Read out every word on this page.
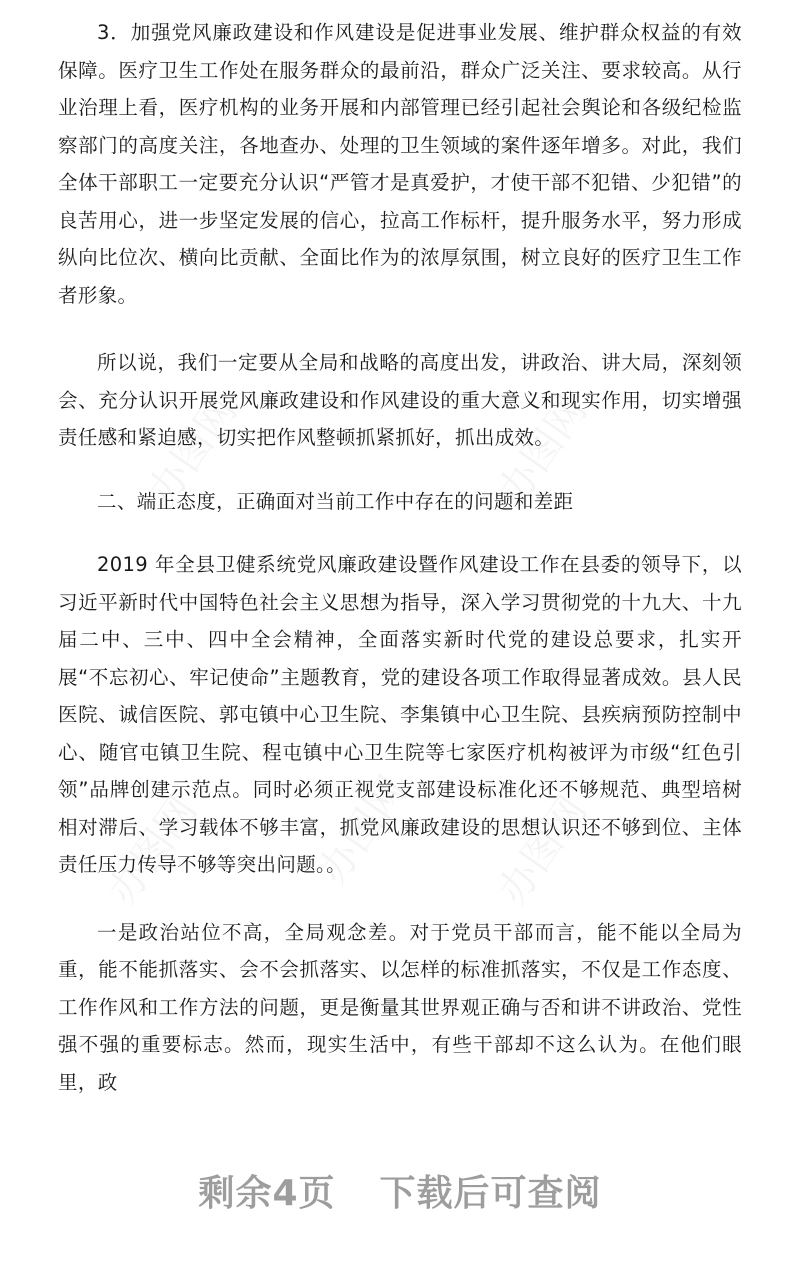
3．加强党风廉政建设和作风建设是促进事业发展、维护群众权益的有效保障。医疗卫生工作处在服务群众的最前沿，群众广泛关注、要求较高。从行业治理上看，医疗机构的业务开展和内部管理已经引起社会舆论和各级纪检监察部门的高度关注，各地查办、处理的卫生领域的案件逐年增多。对此，我们全体干部职工一定要充分认识“严管才是真爱护，才使干部不犯错、少犯错”的良苦用心，进一步坚定发展的信心，拉高工作标杆，提升服务水平，努力形成纵向比位次、横向比贡献、全面比作为的浓厚氛围，树立良好的医疗卫生工作者形象。

所以说，我们一定要从全局和战略的高度出发，讲政治、讲大局，深刻领会、充分认识开展党风廉政建设和作风建设的重大意义和现实作用，切实增强责任感和紧迫感，切实把作风整顿抓紧抓好，抓出成效。

二、端正态度，正确面对当前工作中存在的问题和差距

2019 年全县卫健系统党风廉政建设暨作风建设工作在县委的领导下，以习近平新时代中国特色社会主义思想为指导，深入学习贯彻党的十九大、十九届二中、三中、四中全会精神，全面落实新时代党的建设总要求，扎实开展“不忘初心、牢记使命”主题教育，党的建设各项工作取得显著成效。县人民医院、诚信医院、郭屯镇中心卫生院、李集镇中心卫生院、县疾病预防控制中心、随官屯镇卫生院、程屯镇中心卫生院等七家医疗机构被评为市级“红色引领”品牌创建示范点。同时必须正视党支部建设标准化还不够规范、典型培树相对滞后、学习载体不够丰富，抓党风廉政建设的思想认识还不够到位、主体责任压力传导不够等突出问题。。

一是政治站位不高，全局观念差。对于党员干部而言，能不能以全局为重，能不能抓落实、会不会抓落实、以怎样的标准抓落实，不仅是工作态度、工作作风和工作方法的问题，更是衡量其世界观正确与否和讲不讲政治、党性强不强的重要标志。然而，现实生活中，有些干部却不这么认为。在他们眼里，政

剩余4页 下载后可查阅
